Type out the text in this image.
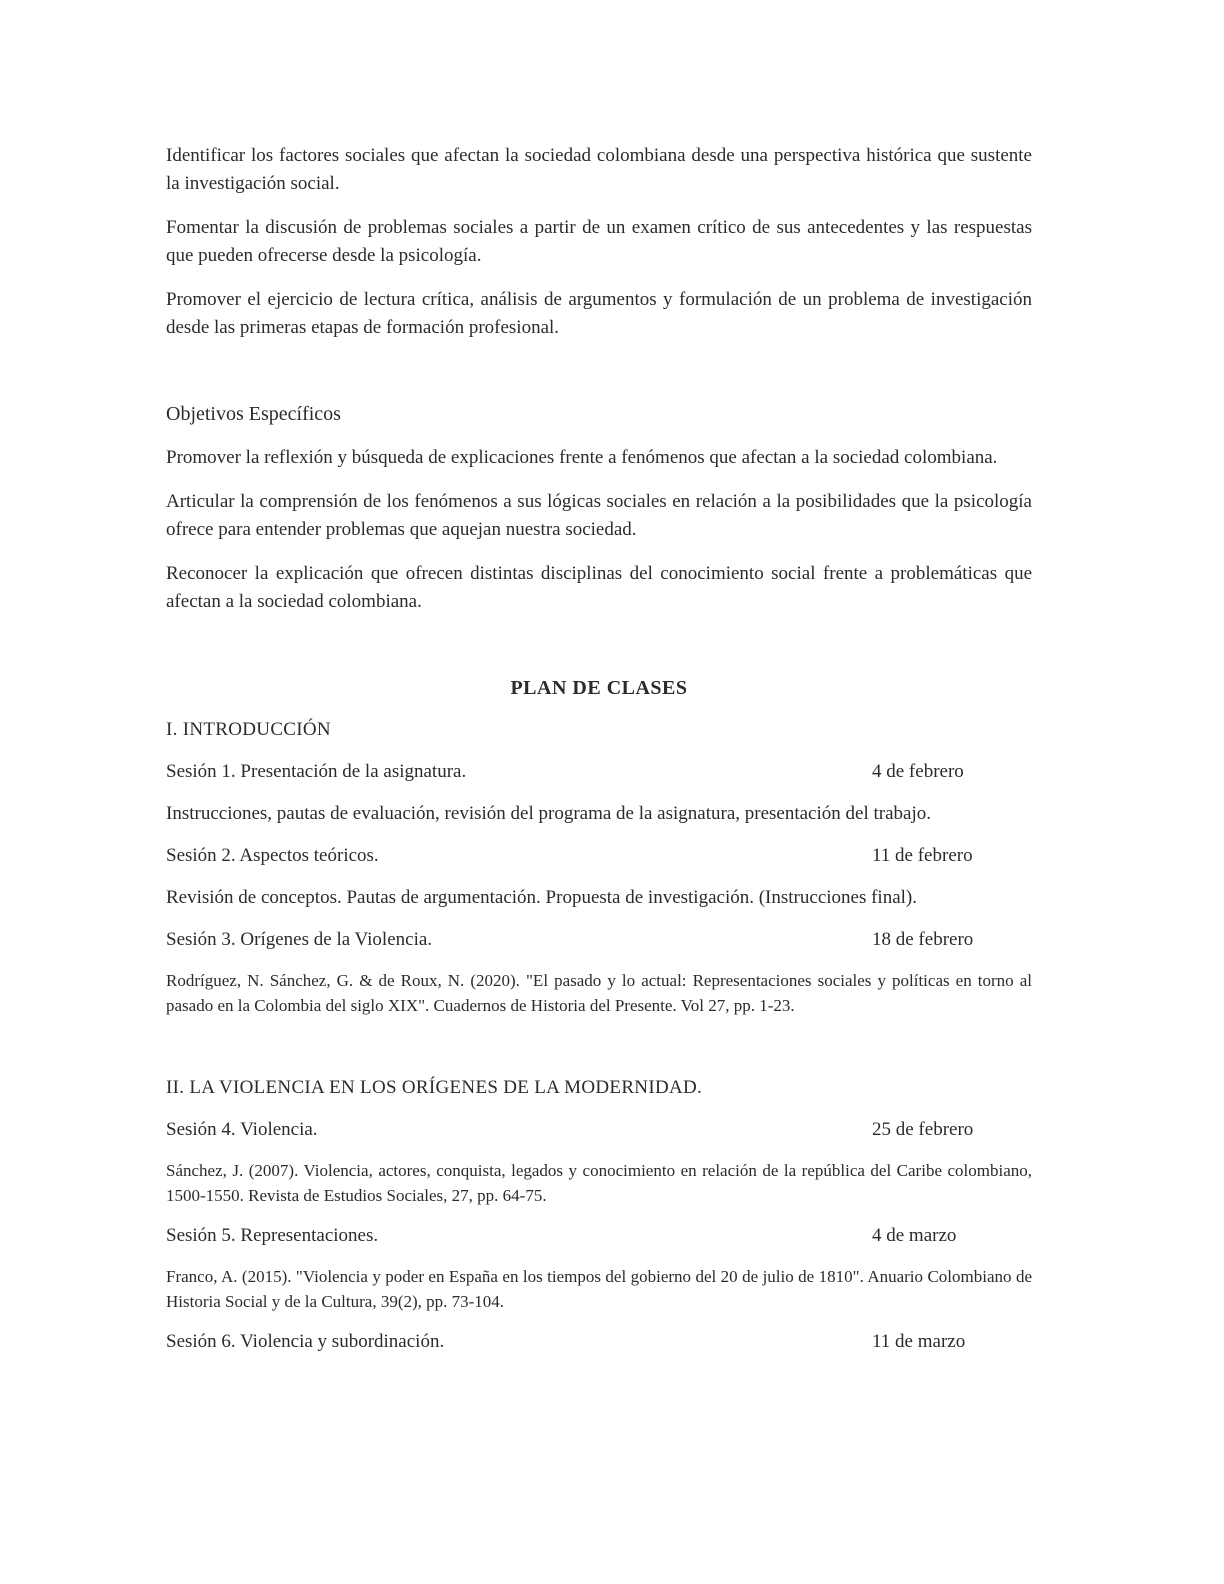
Identificar los factores sociales que afectan la sociedad colombiana desde una perspectiva histórica que sustente la investigación social.

Fomentar la discusión de problemas sociales a partir de un examen crítico de sus antecedentes y las respuestas que pueden ofrecerse desde la psicología.

Promover el ejercicio de lectura crítica, análisis de argumentos y formulación de un problema de investigación desde las primeras etapas de formación profesional.

Objetivos Específicos

Promover la reflexión y búsqueda de explicaciones frente a fenómenos que afectan a la sociedad colombiana.

Articular la comprensión de los fenómenos a sus lógicas sociales en relación a la posibilidades que la psicología ofrece para entender problemas que aquejan nuestra sociedad.

Reconocer la explicación que ofrecen distintas disciplinas del conocimiento social frente a problemáticas que afectan a la sociedad colombiana.

PLAN DE CLASES
I. INTRODUCCIÓN
Sesión 1. Presentación de la asignatura.	4 de febrero

Instrucciones, pautas de evaluación, revisión del programa de la asignatura, presentación del trabajo.

Sesión 2. Aspectos teóricos.	11 de febrero

Revisión de conceptos. Pautas de argumentación. Propuesta de investigación. (Instrucciones final).

Sesión 3. Orígenes de la Violencia.	18 de febrero

Rodríguez, N. Sánchez, G. & de Roux, N. (2020). "El pasado y lo actual: Representaciones sociales y políticas en torno al pasado en la Colombia del siglo XIX". Cuadernos de Historia del Presente. Vol 27, pp. 1-23.

II. LA VIOLENCIA EN LOS ORÍGENES DE LA MODERNIDAD.
Sesión 4. Violencia.	25 de febrero

Sánchez, J. (2007). Violencia, actores, conquista, legados y conocimiento en relación de la república del Caribe colombiano, 1500-1550. Revista de Estudios Sociales, 27, pp. 64-75.

Sesión 5. Representaciones.	4 de marzo

Franco, A. (2015). "Violencia y poder en España en los tiempos del gobierno del 20 de julio de 1810". Anuario Colombiano de Historia Social y de la Cultura, 39(2), pp. 73-104.

Sesión 6. Violencia y subordinación.	11 de marzo
